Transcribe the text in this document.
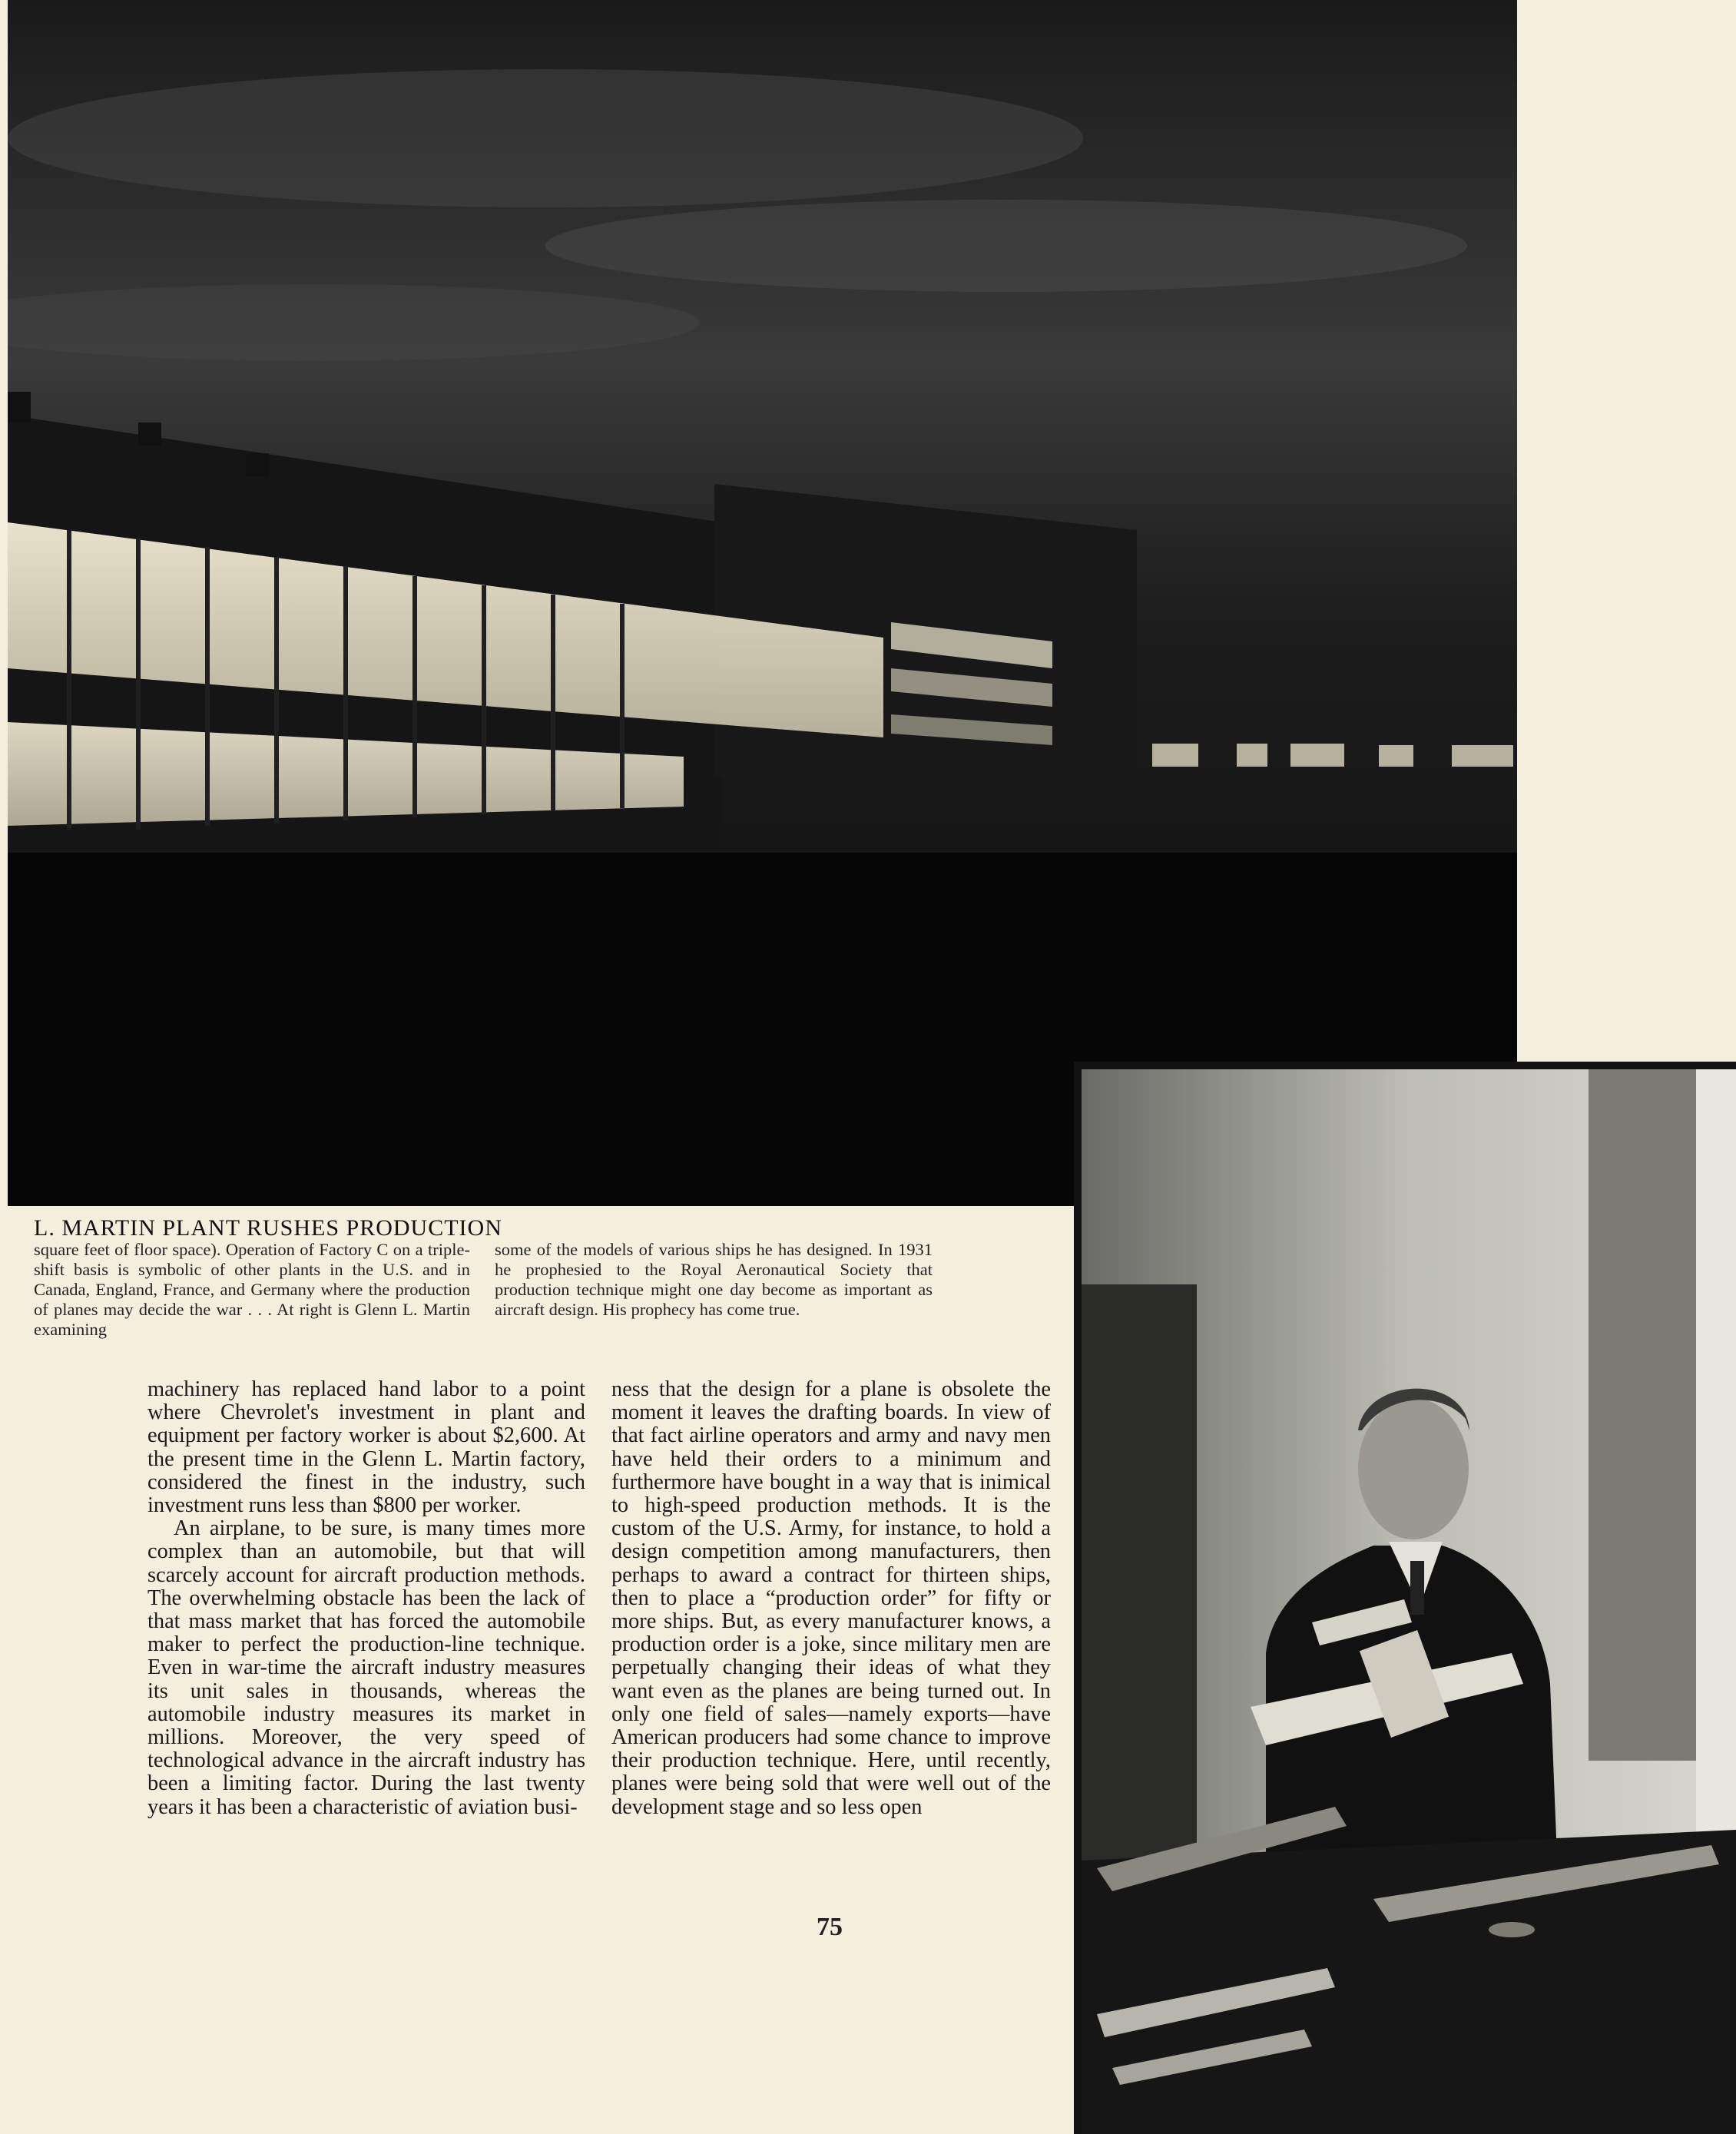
L. MARTIN PLANT RUSHES PRODUCTION
square feet of floor space). Operation of Factory C on a triple-shift basis is symbolic of other plants in the U.S. and in Canada, England, France, and Germany where the production of planes may decide the war . . . At right is Glenn L. Martin examining
some of the models of various ships he has designed. In 1931 he prophesied to the Royal Aeronautical Society that production technique might one day become as important as aircraft design. His prophecy has come true.

machinery has replaced hand labor to a point where Chevrolet's investment in plant and equipment per factory worker is about $2,600. At the present time in the Glenn L. Martin factory, considered the finest in the industry, such investment runs less than $800 per worker.

An airplane, to be sure, is many times more complex than an automobile, but that will scarcely account for aircraft production methods. The overwhelming obstacle has been the lack of that mass market that has forced the automobile maker to perfect the production-line technique. Even in war-time the aircraft industry measures its unit sales in thousands, whereas the automobile industry measures its market in millions. Moreover, the very speed of technological advance in the aircraft industry has been a limiting factor. During the last twenty years it has been a characteristic of aviation busi-

ness that the design for a plane is obsolete the moment it leaves the drafting boards. In view of that fact airline operators and army and navy men have held their orders to a minimum and furthermore have bought in a way that is inimical to high-speed production methods. It is the custom of the U.S. Army, for instance, to hold a design competition among manufacturers, then perhaps to award a contract for thirteen ships, then to place a “production order” for fifty or more ships. But, as every manufacturer knows, a production order is a joke, since military men are perpetually changing their ideas of what they want even as the planes are being turned out. In only one field of sales—namely exports—have American producers had some chance to improve their production technique. Here, until recently, planes were being sold that were well out of the development stage and so less open

75
